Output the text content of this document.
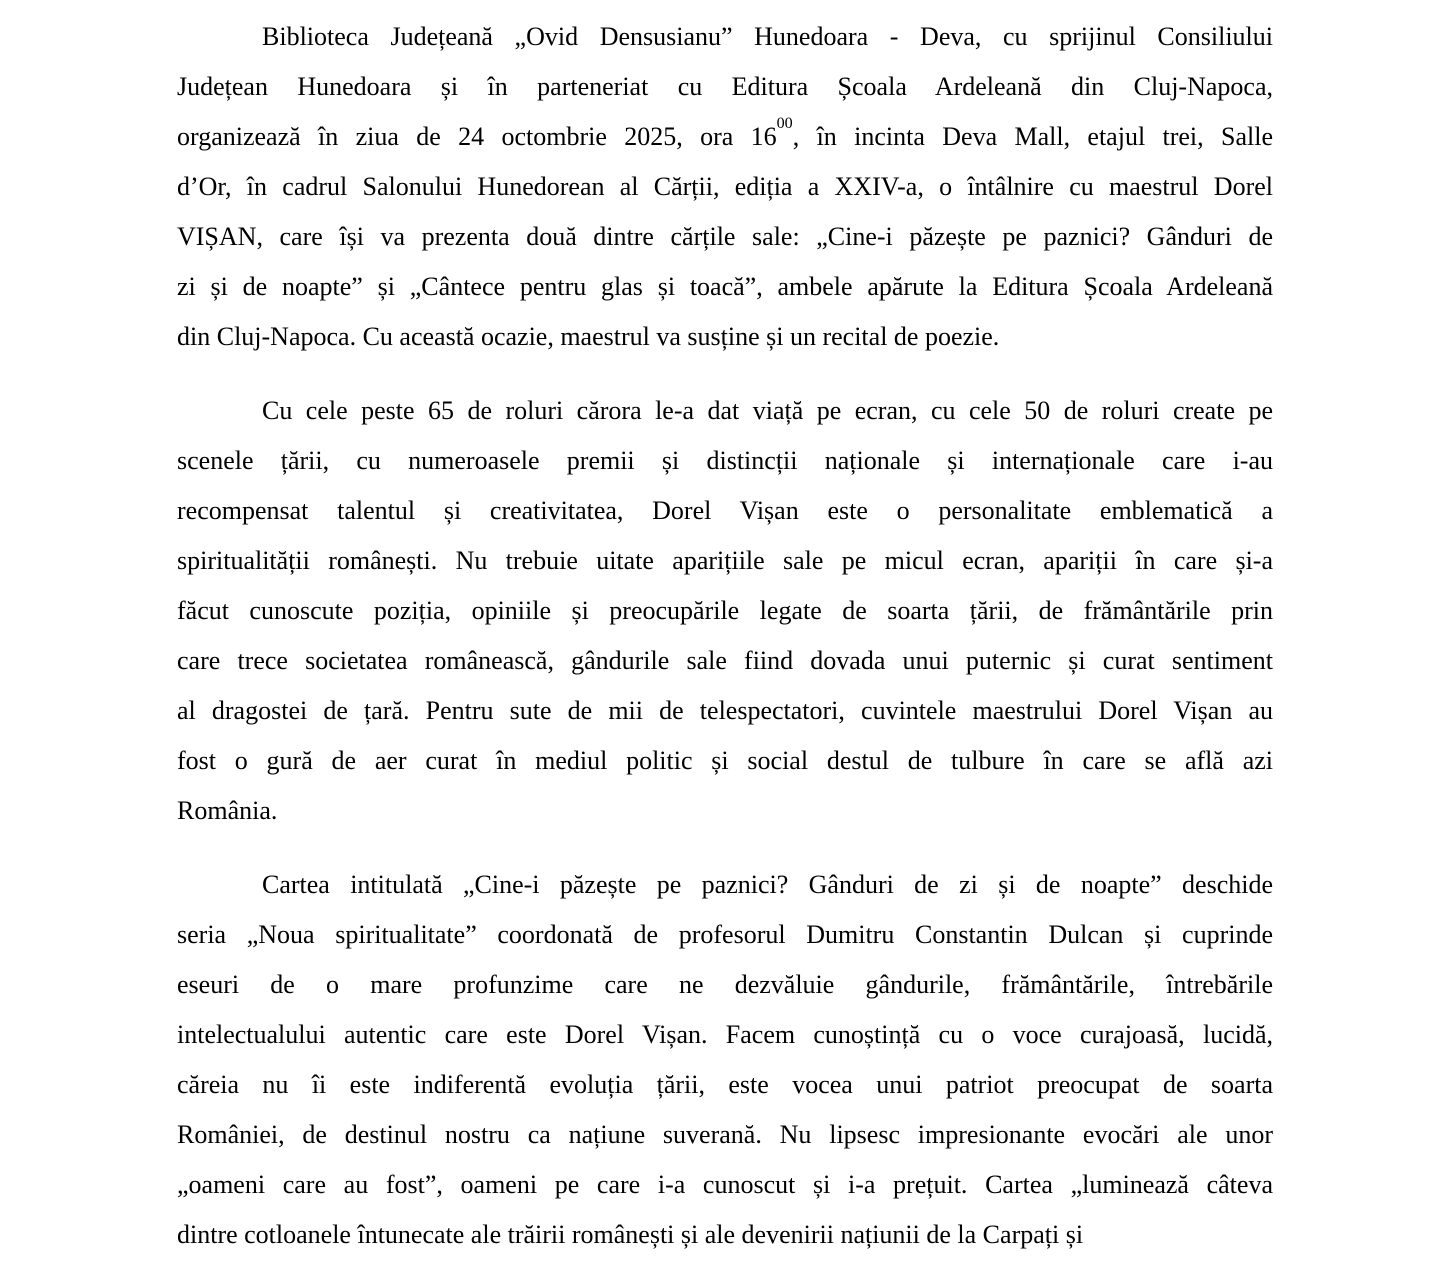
Biblioteca Județeană „Ovid Densusianu” Hunedoara - Deva, cu sprijinul Consiliului
Județean Hunedoara și în parteneriat cu Editura Școala Ardeleană din Cluj-Napoca,
organizează în ziua de 24 octombrie 2025, ora $16^{00}$, în incinta Deva Mall, etajul trei, Salle
d’Or, în cadrul Salonului Hunedorean al Cărții, ediția a XXIV-a, o întâlnire cu maestrul Dorel
VIȘAN, care își va prezenta două dintre cărțile sale: „Cine-i păzește pe paznici? Gânduri de
zi și de noapte” și „Cântece pentru glas și toacă”, ambele apărute la Editura Școala Ardeleană
din Cluj-Napoca. Cu această ocazie, maestrul va susține și un recital de poezie.
Cu cele peste 65 de roluri cărora le-a dat viață pe ecran, cu cele 50 de roluri create pe
scenele țării, cu numeroasele premii și distincții naționale și internaționale care i-au
recompensat talentul și creativitatea, Dorel Vișan este o personalitate emblematică a
spiritualității românești. Nu trebuie uitate aparițiile sale pe micul ecran, apariții în care și-a
făcut cunoscute poziția, opiniile și preocupările legate de soarta țării, de frământările prin
care trece societatea românească, gândurile sale fiind dovada unui puternic și curat sentiment
al dragostei de țară. Pentru sute de mii de telespectatori, cuvintele maestrului Dorel Vișan au
fost o gură de aer curat în mediul politic și social destul de tulbure în care se află azi
România.
Cartea intitulată „Cine-i păzește pe paznici? Gânduri de zi și de noapte” deschide
seria „Noua spiritualitate” coordonată de profesorul Dumitru Constantin Dulcan și cuprinde
eseuri de o mare profunzime care ne dezvăluie gândurile, frământările, întrebările
intelectualului autentic care este Dorel Vișan. Facem cunoștință cu o voce curajoasă, lucidă,
căreia nu îi este indiferentă evoluția țării, este vocea unui patriot preocupat de soarta
României, de destinul nostru ca națiune suverană. Nu lipsesc impresionante evocări ale unor
„oameni care au fost”, oameni pe care i-a cunoscut și i-a prețuit. Cartea „luminează câteva
dintre cotloanele întunecate ale trăirii românești și ale devenirii națiunii de la Carpați și
